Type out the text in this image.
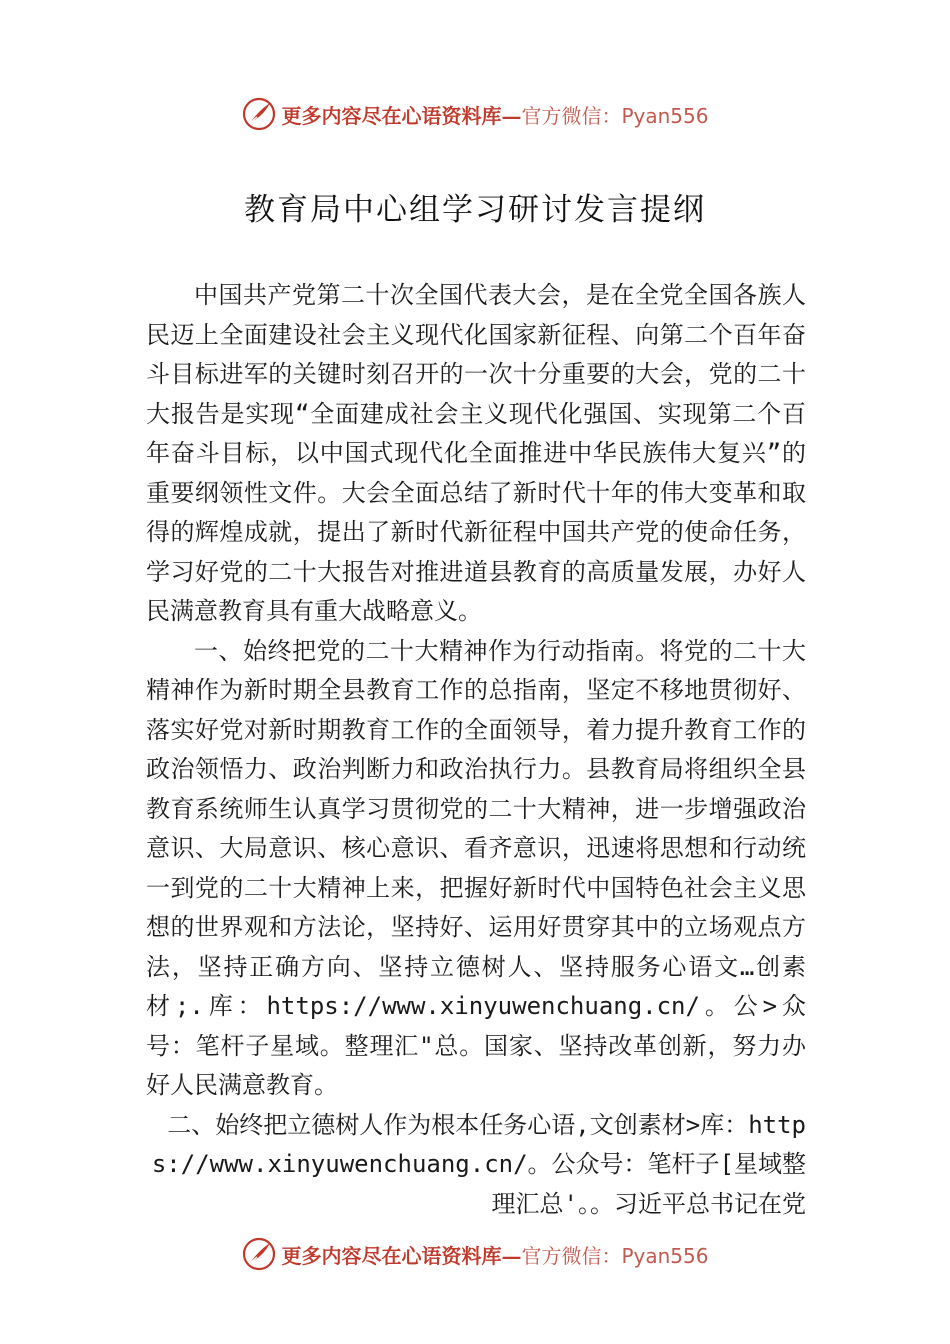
更多内容尽在心语资料库— 官方微信：Pyan556
教育局中心组学习研讨发言提纲

中国共产党第二十次全国代表大会，是在全党全国各族人民迈上全面建设社会主义现代化国家新征程、向第二个百年奋斗目标进军的关键时刻召开的一次十分重要的大会，党的二十大报告是实现“全面建成社会主义现代化强国、实现第二个百年奋斗目标，以中国式现代化全面推进中华民族伟大复兴”的重要纲领性文件。大会全面总结了新时代十年的伟大变革和取得的辉煌成就，提出了新时代新征程中国共产党的使命任务，学习好党的二十大报告对推进道县教育的高质量发展，办好人民满意教育具有重大战略意义。

一、始终把党的二十大精神作为行动指南。将党的二十大精神作为新时期全县教育工作的总指南，坚定不移地贯彻好、落实好党对新时期教育工作的全面领导，着力提升教育工作的政治领悟力、政治判断力和政治执行力。县教育局将组织全县教育系统师生认真学习贯彻党的二十大精神，进一步增强政治意识、大局意识、核心意识、看齐意识，迅速将思想和行动统一到党的二十大精神上来，把握好新时代中国特色社会主义思想的世界观和方法论，坚持好、运用好贯穿其中的立场观点方法，坚持正确方向、坚持立德树人、坚持服务心语文…创素材;.库：https://www.xinyuwenchuang.cn/。公>众号：笔杆子星域。整理汇"总。国家、坚持改革创新，努力办好人民满意教育。

二、始终把立德树人作为根本任务心语,文创素材>库：https://www.xinyuwenchuang.cn/。公众号：笔杆子[星域整理汇总'。。习近平总书记在党

更多内容尽在心语资料库— 官方微信：Pyan556
